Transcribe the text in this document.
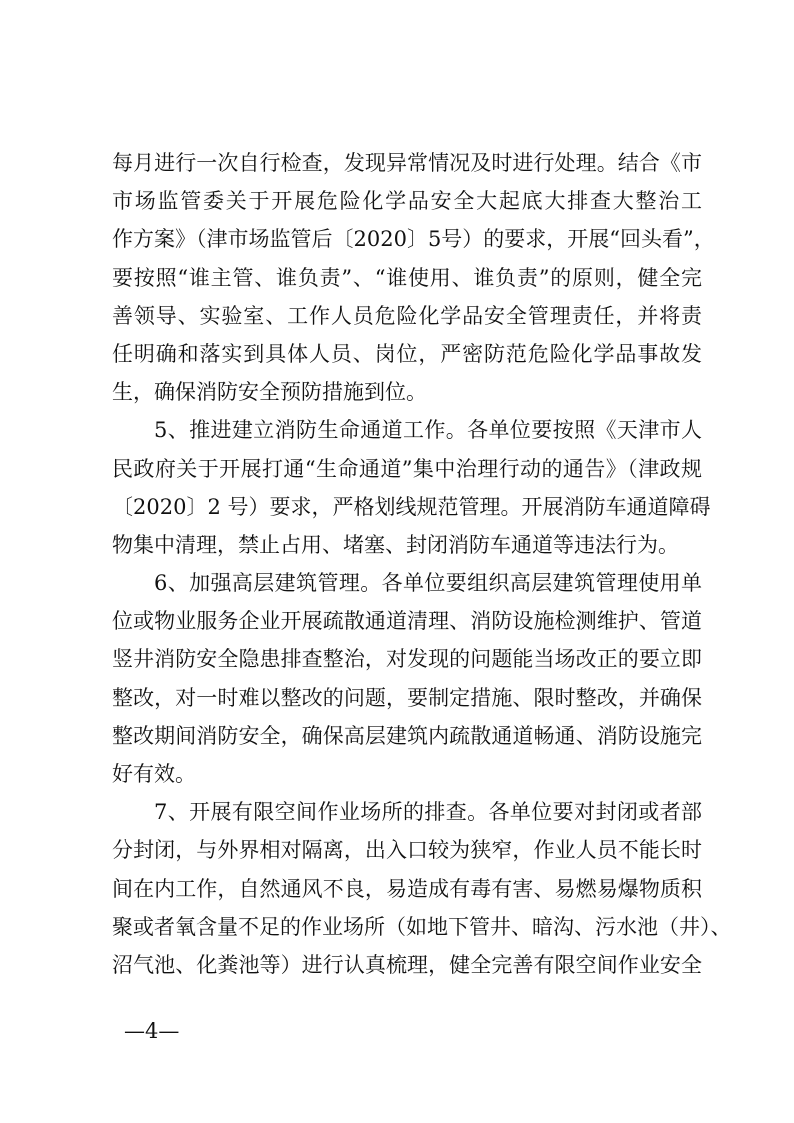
每月进行一次自行检查，发现异常情况及时进行处理。结合《市
市场监管委关于开展危险化学品安全大起底大排查大整治工
作方案》（津市场监管后〔2020〕5号）的要求，开展“回头看”，
要按照“谁主管、谁负责”、“谁使用、谁负责”的原则，健全完
善领导、实验室、工作人员危险化学品安全管理责任，并将责
任明确和落实到具体人员、岗位，严密防范危险化学品事故发
生，确保消防安全预防措施到位。
5、推进建立消防生命通道工作。各单位要按照《天津市人
民政府关于开展打通“生命通道”集中治理行动的通告》（津政规
〔2020〕2 号）要求，严格划线规范管理。开展消防车通道障碍
物集中清理，禁止占用、堵塞、封闭消防车通道等违法行为。
6、加强高层建筑管理。各单位要组织高层建筑管理使用单
位或物业服务企业开展疏散通道清理、消防设施检测维护、管道
竖井消防安全隐患排查整治，对发现的问题能当场改正的要立即
整改，对一时难以整改的问题，要制定措施、限时整改，并确保
整改期间消防安全，确保高层建筑内疏散通道畅通、消防设施完
好有效。
7、开展有限空间作业场所的排查。各单位要对封闭或者部
分封闭，与外界相对隔离，出入口较为狭窄，作业人员不能长时
间在内工作，自然通风不良，易造成有毒有害、易燃易爆物质积
聚或者氧含量不足的作业场所（如地下管井、暗沟、污水池（井）、
沼气池、化粪池等）进行认真梳理，健全完善有限空间作业安全
—4—
